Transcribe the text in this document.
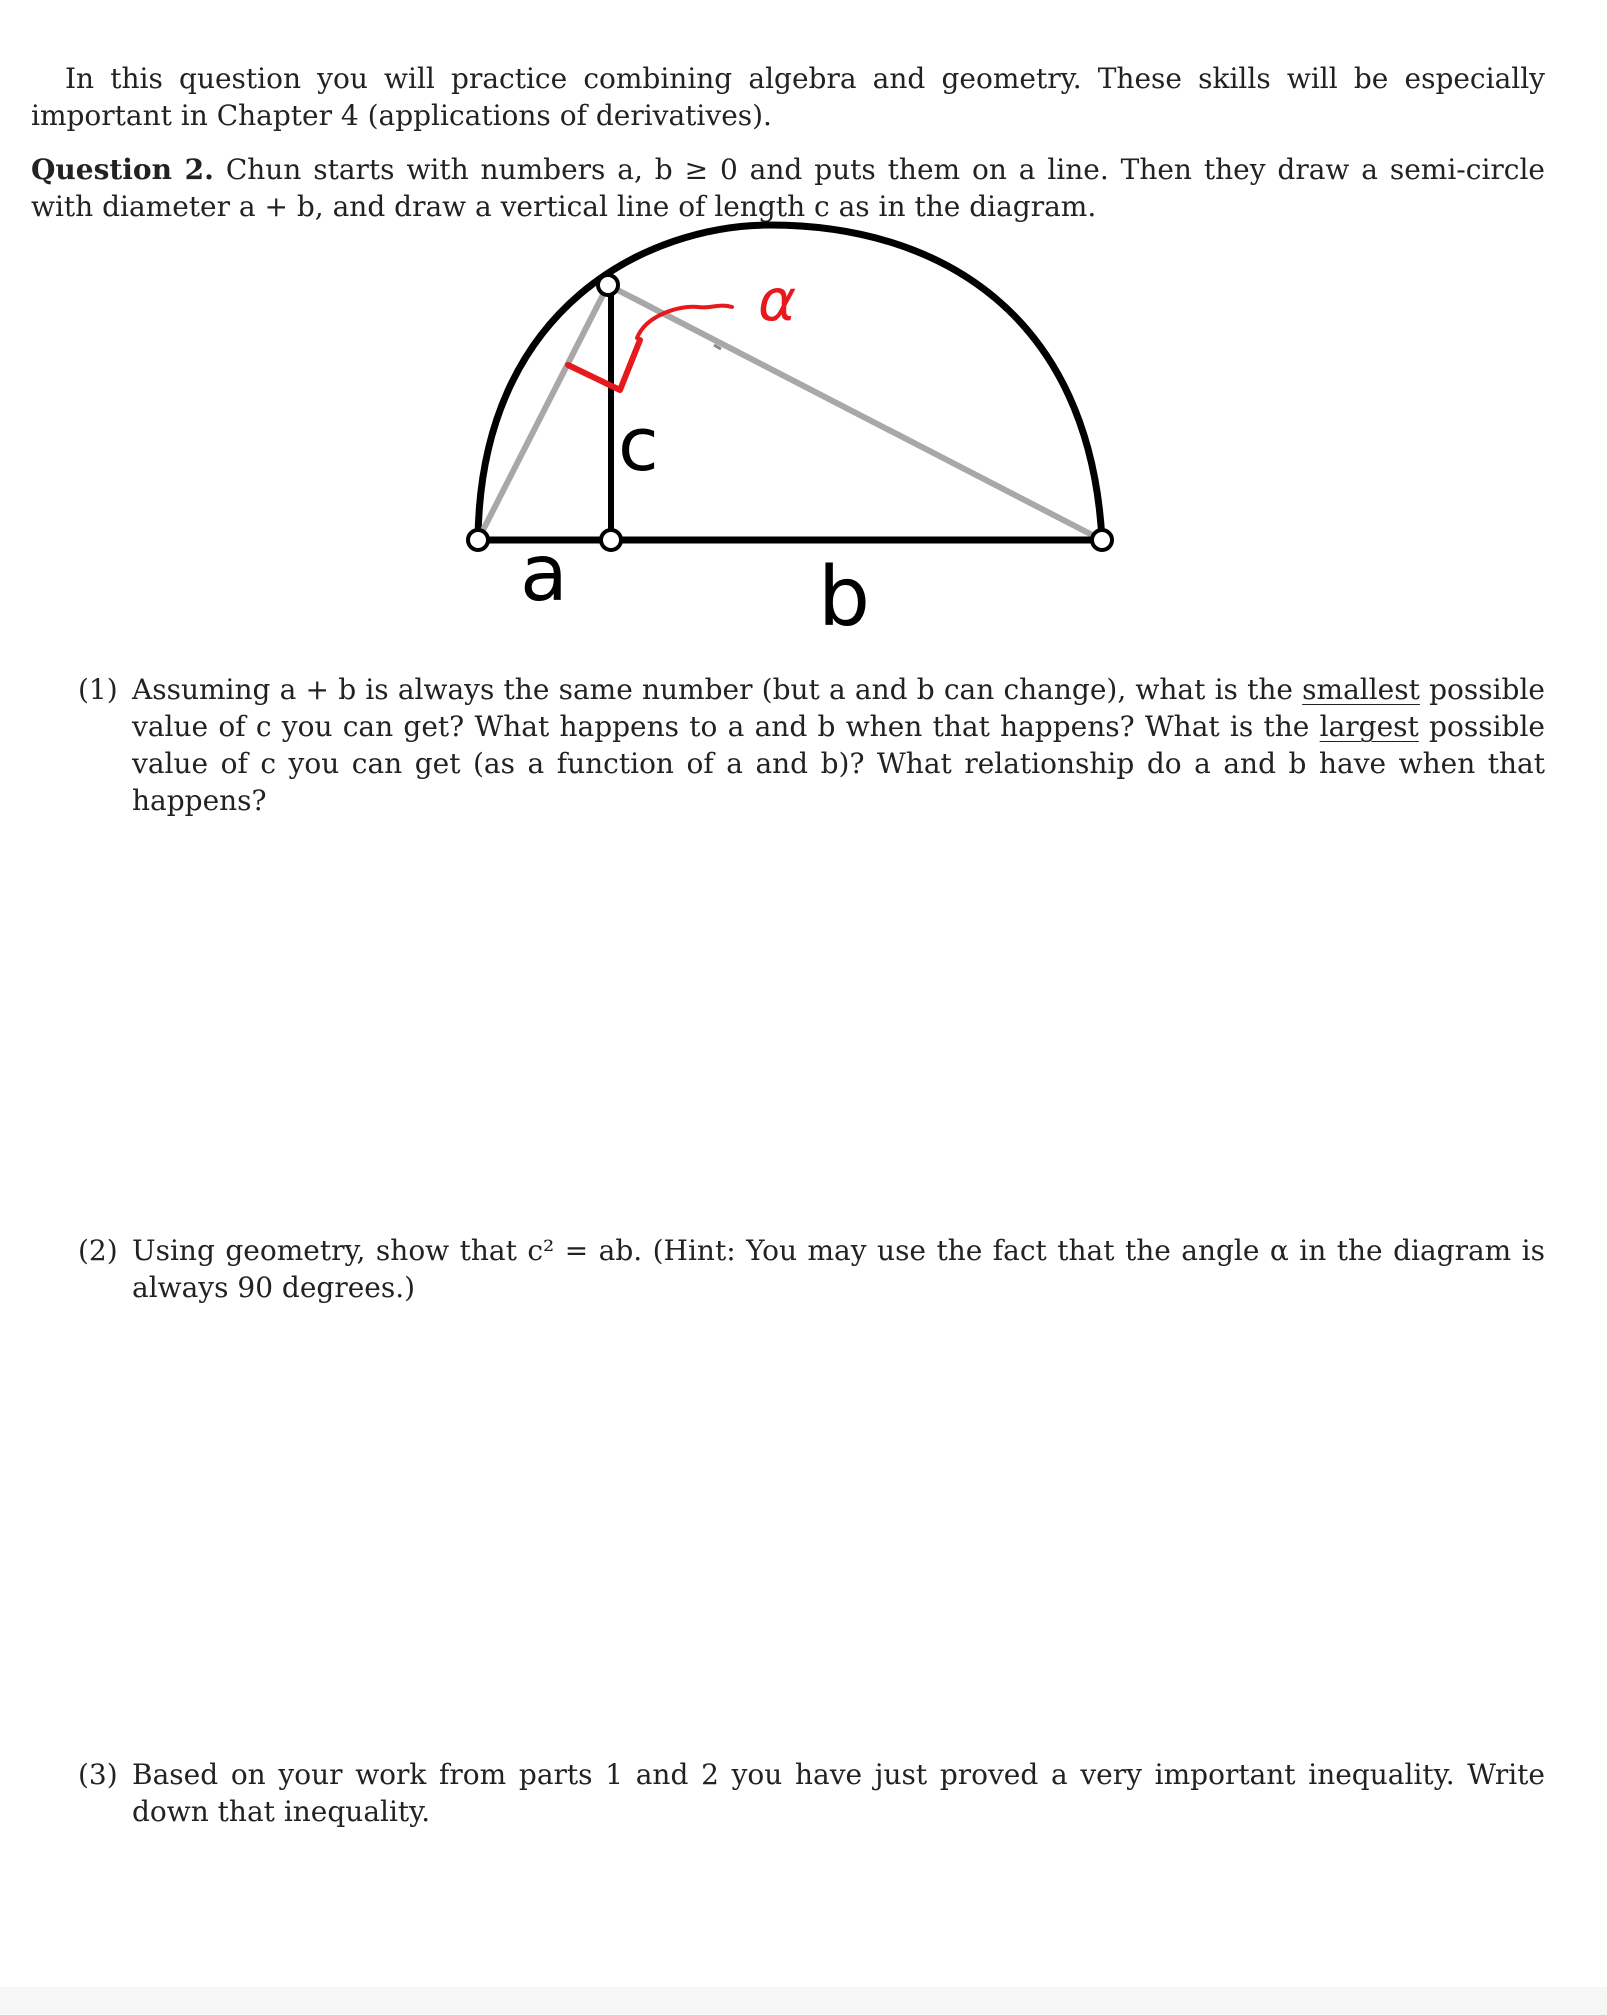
In this question you will practice combining algebra and geometry. These skills will be especially important in Chapter 4 (applications of derivatives).

Question 2. Chun starts with numbers a, b ≥ 0 and puts them on a line. Then they draw a semi-circle with diameter a + b, and draw a vertical line of length c as in the diagram.

α
c
a	b
(1) Assuming a + b is always the same number (but a and b can change), what is the smallest possible value of c you can get? What happens to a and b when that happens? What is the largest possible value of c you can get (as a function of a and b)? What relationship do a and b have when that happens?
(2) Using geometry, show that c² = ab. (Hint: You may use the fact that the angle α in the diagram is always 90 degrees.)
(3) Based on your work from parts 1 and 2 you have just proved a very important inequality. Write down that inequality.
